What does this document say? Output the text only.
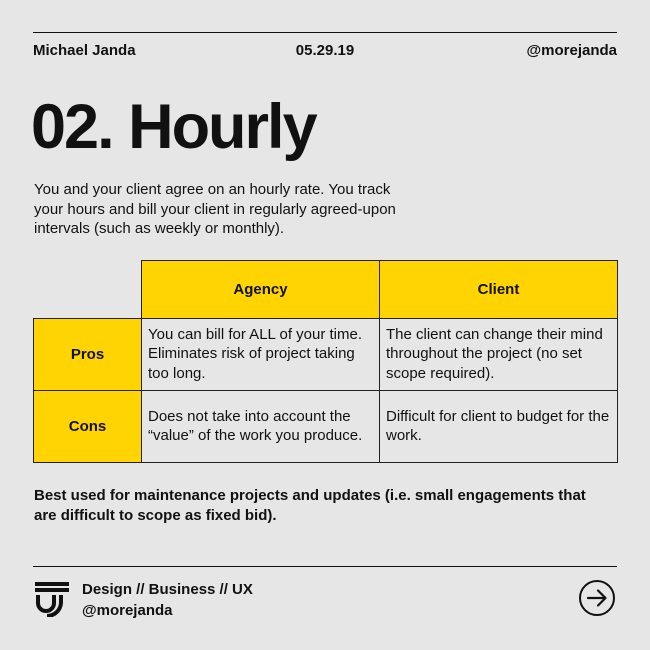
Michael Janda	05.29.19	@morejanda
02. Hourly

You and your client agree on an hourly rate. You track your hours and bill your client in regularly agreed-upon intervals (such as weekly or monthly).

	Agency	Client
Pros	You can bill for ALL of your time. Eliminates risk of project taking too long.	The client can change their mind throughout the project (no set scope required).
Cons	Does not take into account the “value” of the work you produce.	Difficult for client to budget for the work.

Best used for maintenance projects and updates (i.e. small engagements that are difficult to scope as fixed bid).

Design // Business // UX
@morejanda
